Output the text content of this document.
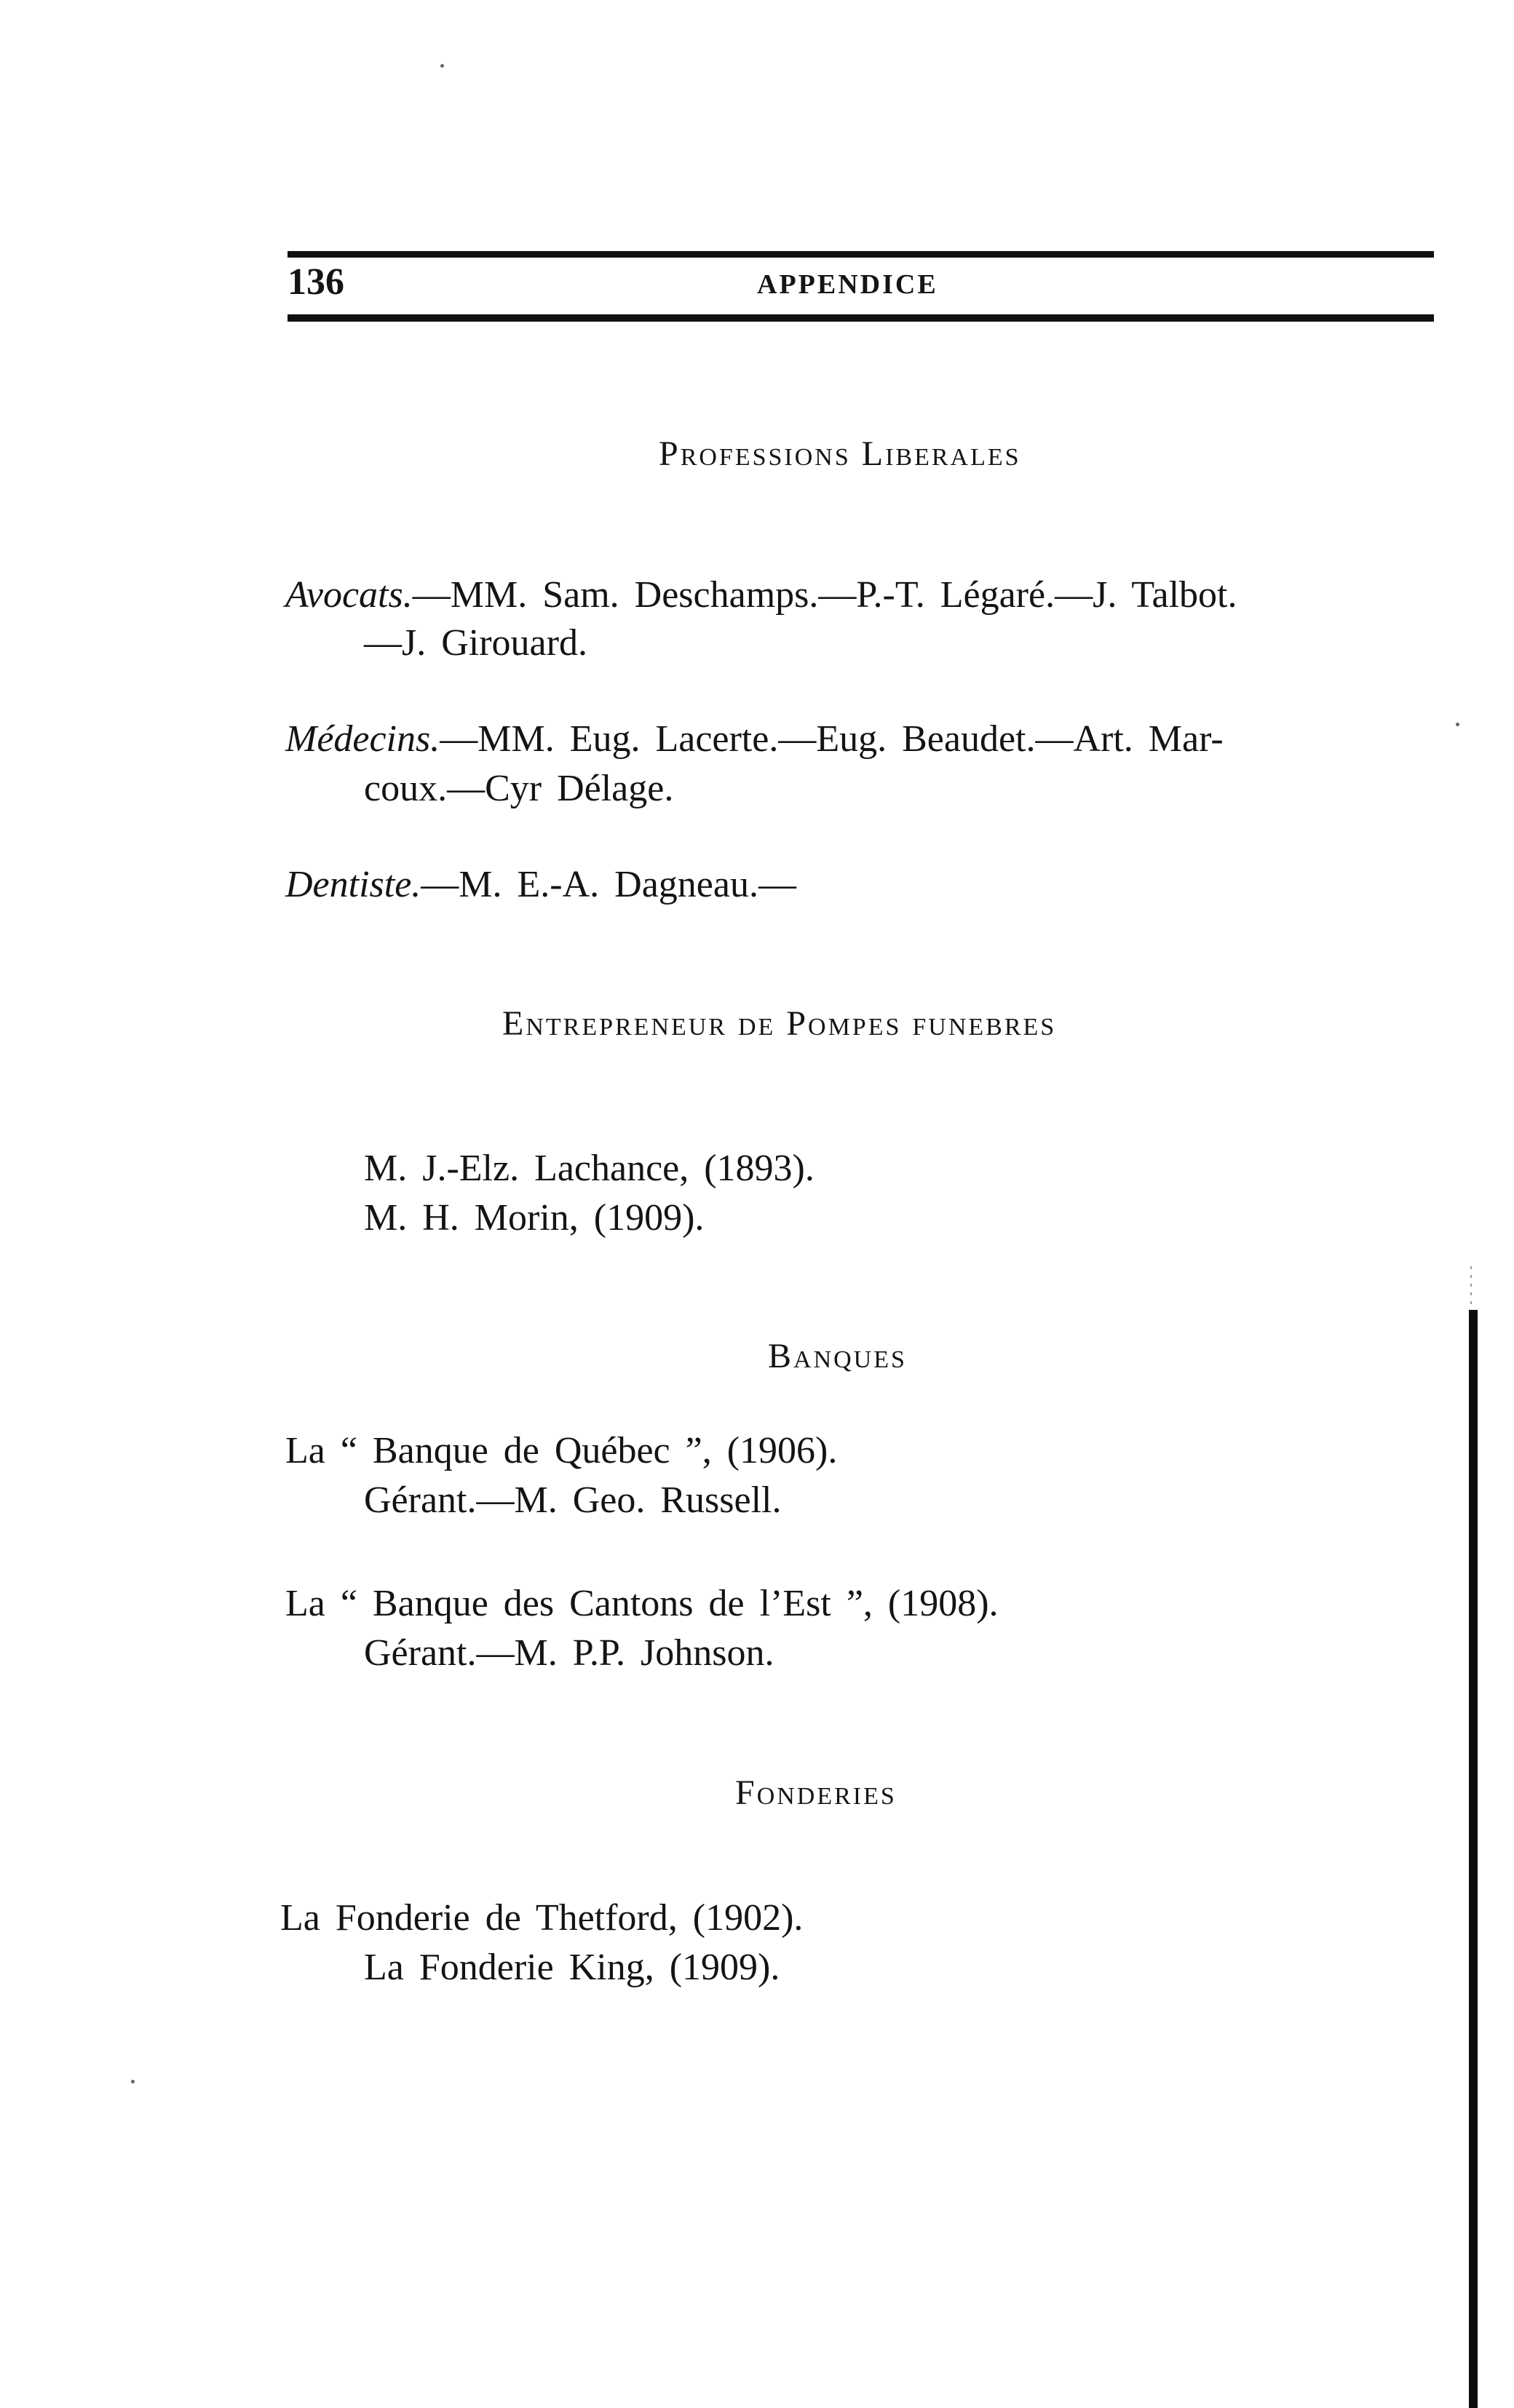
136	APPENDICE
Professions Liberales
Avocats.—MM. Sam. Deschamps.—P.-T. Légaré.—J. Talbot.
—J. Girouard.
Médecins.—MM. Eug. Lacerte.—Eug. Beaudet.—Art. Mar-
coux.—Cyr Délage.
Dentiste.—M. E.-A. Dagneau.—
Entrepreneur de Pompes funebres
M. J.-Elz. Lachance, (1893).
M. H. Morin, (1909).
Banques
La “ Banque de Québec ”, (1906).
Gérant.—M. Geo. Russell.
La “ Banque des Cantons de l’Est ”, (1908).
Gérant.—M. P.P. Johnson.
Fonderies
La Fonderie de Thetford, (1902).
La Fonderie King, (1909).
